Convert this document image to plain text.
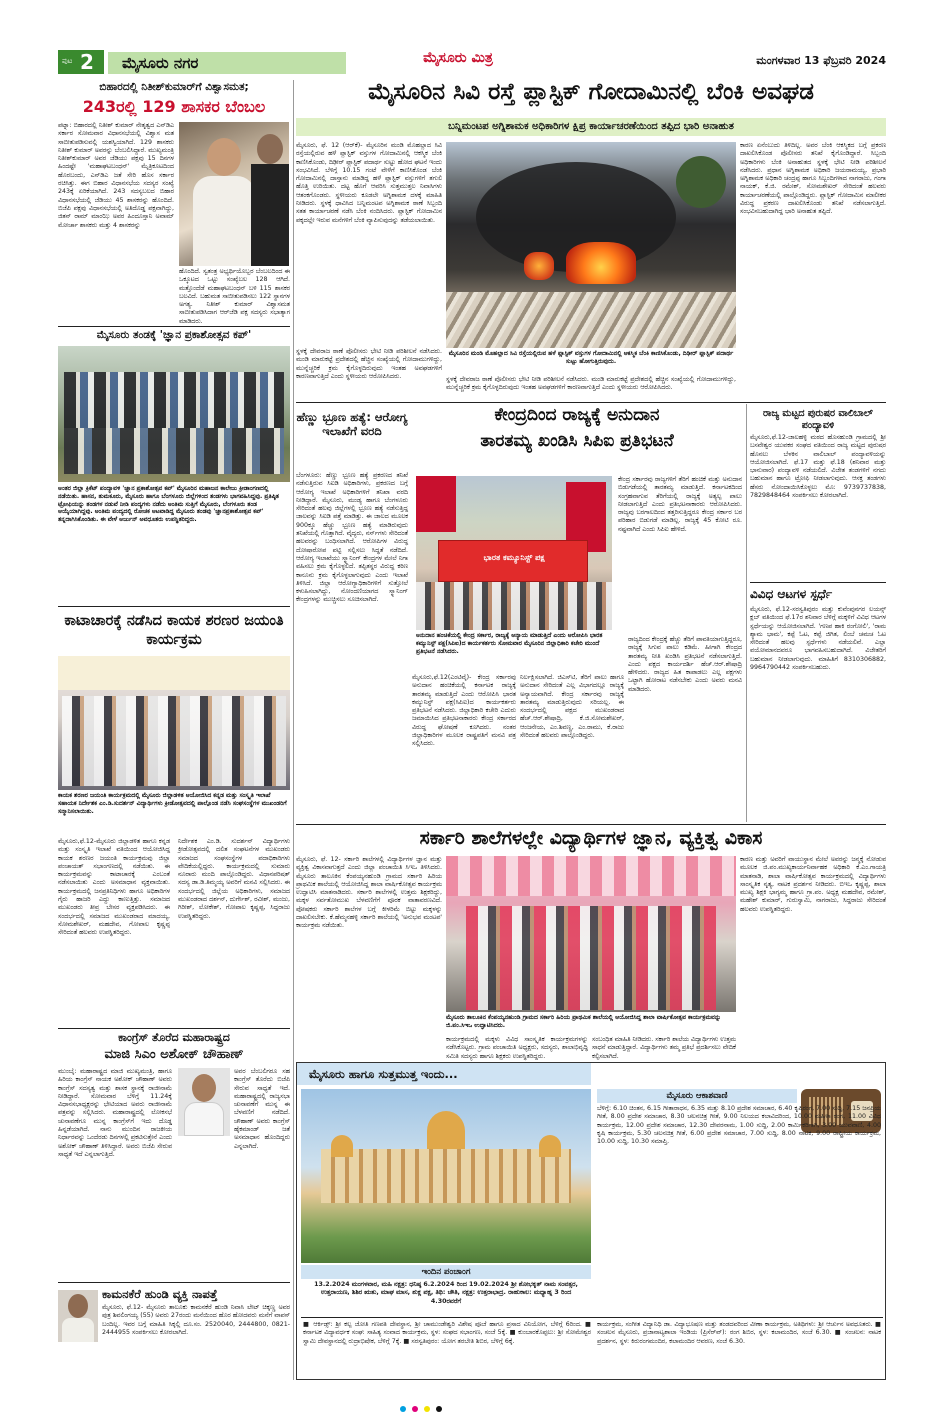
ಪುಟ 2 ಮೈಸೂರು ನಗರ	ಮೈಸೂರು ಮಿತ್ರ	ಮಂಗಳವಾರ 13 ಫೆಬ್ರವರಿ 2024
ಬಿಹಾರದಲ್ಲಿ ನಿತೀಶ್‌ಕುಮಾರ್‌ಗೆ ವಿಶ್ವಾಸಮತ;
243ರಲ್ಲಿ 129 ಶಾಸಕರ ಬೆಂಬಲ
ಪಟ್ನಾ: ಬಿಹಾರದಲ್ಲಿ ನಿತೀಶ್ ಕುಮಾರ್ ನೇತೃತ್ವದ ಎನ್‌ಡಿಎ ಸರ್ಕಾರ ಸೋಮವಾರ ವಿಧಾನಸಭೆಯಲ್ಲಿ ವಿಶ್ವಾಸ ಮತ ಸಾಬೀತುಪಡಿಸುವಲ್ಲಿ ಯಶಸ್ವಿಯಾಗಿದೆ. 129 ಶಾಸಕರು ನಿತೀಶ್ ಕುಮಾರ್ ಅವರನ್ನು ಬೆಂಬಲಿಸಿದ್ದಾರೆ. ಮುಖ್ಯಮಂತ್ರಿ ನಿತೀಶ್‌ಕುಮಾರ್ ಅವರ ಜೆಡಿಯು ಪಕ್ಷವು 15 ದಿನಗಳ ಹಿಂದಷ್ಟೇ 'ಮಹಾಘಟಬಂಧನ್' ಮೈತ್ರಿಕೂಟದಿಂದ ಹೊರಬಂದು, ಎನ್‌ಡಿಎ ಜತೆ ಸೇರಿ ಹೊಸ ಸರ್ಕಾರ ರಚಿಸಿತ್ತು. ಈಗ ಬಿಹಾರ ವಿಧಾನಸಭೆಯ ಸದಸ್ಯರ ಸಂಖ್ಯೆ 243ಕ್ಕೆ ಏರಿಕೆಯಾಗಿದೆ. 243 ಸದಸ್ಯಬಲದ ಬಿಹಾರ ವಿಧಾನಸಭೆಯಲ್ಲಿ ಜೆಡಿಯು 45 ಶಾಸಕರನ್ನು ಹೊಂದಿದೆ. ಬಿಜೆಪಿ ಪಕ್ಷವು ವಿಧಾನಸಭೆಯಲ್ಲಿ ಅತಿದೊಡ್ಡ ಪಕ್ಷವಾಗಿದ್ದು, ಜಿತನ್ ರಾಮ್ ಮಾಂಝಿ ಅವರ ಹಿಂದೂಸ್ತಾನಿ ಅವಾಮ್ ಮೋರ್ಚಾ ಶಾಸಕರು ಮತ್ತು 4 ಶಾಸಕರನ್ನು
ಹೊಂದಿದೆ. ಸ್ವತಂತ್ರ ಅಭ್ಯರ್ಥಿಯೊಬ್ಬರ ಬೆಂಬಲದಿಂದ ಈ ಒಕ್ಕೂಟದ ಒಟ್ಟು ಸಂಖ್ಯೆಬಲ 128 ಆಗಿದೆ. ಮತ್ತೊಂದೆಡೆ ಮಹಾಘಟಬಂಧನ್ ಬಳಿ 115 ಶಾಸಕರ ಬಲವಿದೆ. ಬಹುಮತ ಸಾಬೀತುಪಡಿಸಲು 122 ಸ್ಥಾನಗಳ ಅಗತ್ಯ. ನಿತೀಶ್ ಕುಮಾರ್ ವಿಶ್ವಾಸಮತ ಸಾಬೀತುಪಡಿಸಿದಾಗ ಆರ್‌ಜೆಡಿ ಪಕ್ಷ ಸದಸ್ಯರು ಸಭಾತ್ಯಾಗ ಮಾಡಿದರು.
ಮೈಸೂರು ತಂಡಕ್ಕೆ 'ಜ್ಞಾನ ಪ್ರಕಾಶೋತ್ಸವ ಕಪ್'
ಅಂತರ ಜಿಲ್ಲಾ ಕ್ರಿಕೆಟ್ ಪಂದ್ಯಾವಳಿ 'ಜ್ಞಾನ ಪ್ರಕಾಶೋತ್ಸವ ಕಪ್' ಮೈಸೂರಿನ ಮಹಾಜನ ಕಾಲೇಜು ಕ್ರೀಡಾಂಗಣದಲ್ಲಿ ನಡೆಯಿತು. ಹಾಸನ, ತುಮಕೂರು, ಮೈಸೂರು ಹಾಗೂ ಬೆಂಗಳೂರು ಜಿಲ್ಲೆಗಳಿಂದ ತಂಡಗಳು ಭಾಗವಹಿಸಿದ್ದವು. ಪ್ರತಿಷ್ಠಿತ ಟ್ರೋಫಿಯನ್ನು ತಂಡಗಳ ನಡುವೆ ನೀಡಿ ಪಂದ್ಯಗಳು ನಡೆದು ಅಂತಿಮ ಸುತ್ತಿಗೆ ಮೈಸೂರು, ಬೆಂಗಳೂರು ತಂಡ ಆಯ್ಕೆಯಾಗಿದ್ದವು. ಅಂತಿಮ ಪಂದ್ಯದಲ್ಲಿ ರೋಚಕ ಆಟವಾಡಿದ್ದ ಮೈಸೂರು ತಂಡವು 'ಜ್ಞಾನಪ್ರಕಾಶೋತ್ಸವ ಕಪ್' ತನ್ನದಾಗಿಸಿಕೊಂಡಿತು. ಈ ವೇಳೆ ಅರ್ಜುನ್ ಅವಧೂತರು ಉಪಸ್ಥಿತರಿದ್ದರು.
ಕಾಟಾಚಾರಕ್ಕೆ ನಡೆಸಿದ ಕಾಯಕ ಶರಣರ ಜಯಂತಿ ಕಾರ್ಯಕ್ರಮ
ಕಾಯಕ ಶರಣರ ಜಯಂತಿ ಕಾರ್ಯಕ್ರಮದಲ್ಲಿ ಮೈಸೂರು ಜಿಲ್ಲಾಡಳಿತ ಆಯೋಜಿಸಿದ ಕನ್ನಡ ಮತ್ತು ಸಂಸ್ಕೃತಿ ಇಲಾಖೆ ಸಹಾಯಕ ನಿರ್ದೇಶಕ ಎಂ.ಡಿ.ಸುದರ್ಶನ್ ವಿದ್ಯಾರ್ಥಿಗಳು ಕ್ರೀಡೋತ್ಸವದಲ್ಲಿ ಪಾಲ್ಗೊಂಡ ನಡೆಸಿ ಸಂಘಸಂಸ್ಥೆಗಳ ಮುಖಂಡರಿಗೆ ಸನ್ಮಾನಿಸಲಾಯಿತು.
ಮೈಸೂರು,ಫೆ.12-ಮೈಸೂರು ಜಿಲ್ಲಾಡಳಿತ ಹಾಗೂ ಕನ್ನಡ ಮತ್ತು ಸಂಸ್ಕೃತಿ ಇಲಾಖೆ ವತಿಯಿಂದ ಆಯೋಜಿಸಿದ್ದ ಕಾಯಕ ಶರಣರ ಜಯಂತಿ ಕಾರ್ಯಕ್ರಮವು ಜಿಲ್ಲಾ ಪಂಚಾಯತ್ ಸಭಾಂಗಣದಲ್ಲಿ ನಡೆಯಿತು. ಈ ಕಾರ್ಯಕ್ರಮವನ್ನು ಕಾಟಾಚಾರಕ್ಕೆ ಎಂಬಂತೆ ನಡೆಸಲಾಯಿತು ಎಂದು ಅಸಮಾಧಾನ ವ್ಯಕ್ತವಾಯಿತು. ಕಾರ್ಯಕ್ರಮದಲ್ಲಿ ಜನಪ್ರತಿನಿಧಿಗಳು ಹಾಗೂ ಅಧಿಕಾರಿಗಳ ಗೈರು ಹಾಜರಿ ಎದ್ದು ಕಾಣುತ್ತಿತ್ತು. ಸಮಾಜದ ಮುಖಂಡರು ತೀವ್ರ ಬೇಸರ ವ್ಯಕ್ತಪಡಿಸಿದರು. ಈ ಸಂದರ್ಭದಲ್ಲಿ ಸಮಾಜದ ಮುಖಂಡರಾದ ಮಾದಯ್ಯ, ಸೋಮಶೇಖರ್, ಮಹದೇವ, ಗೋಪಾಲ ಕೃಷ್ಣಪ್ಪ ಸೇರಿದಂತೆ ಹಲವರು ಉಪಸ್ಥಿತರಿದ್ದರು.
ನಿರ್ದೇಶಕ ಎಂ.ಡಿ. ಸುದರ್ಶನ್ ವಿದ್ಯಾರ್ಥಿಗಳು ಕ್ರೀಡೋತ್ಸವದಲ್ಲಿ ದಲಿತ ಸಂಘಟನೆಗಳ ಮುಖಂಡರು ಸಮಾಜದ ಸಂಘಸಂಸ್ಥೆಗಳ ಪದಾಧಿಕಾರಿಗಳು ವೇದಿಕೆಯಲ್ಲಿದ್ದರು. ಕಾರ್ಯಕ್ರಮದಲ್ಲಿ ಸುಮಾರು ನೂರಾರು ಮಂದಿ ಪಾಲ್ಗೊಂಡಿದ್ದರು. ವಿಧಾನಪರಿಷತ್ ಸದಸ್ಯ ಡಾ.ಡಿ.ತಿಮ್ಮಯ್ಯ ಅವರಿಗೆ ಮನವಿ ಸಲ್ಲಿಸಿದರು. ಈ ಸಂದರ್ಭದಲ್ಲಿ ಜಿಲ್ಲೆಯ ಅಧಿಕಾರಿಗಳು, ಸಮಾಜದ ಮುಖಂಡರಾದ ದರ್ಶನ್, ದುರ್ಗೇಶ್, ರವೀಶ್, ಮಂಜು, ಗಿರೀಶ್, ಲೋಕೇಶ್, ಗೋಪಾಲ ಕೃಷ್ಣಪ್ಪ, ಸಿದ್ದರಾಜು ಉಪಸ್ಥಿತರಿದ್ದರು.
ಕಾಂಗ್ರೆಸ್ ತೊರೆದ ಮಹಾರಾಷ್ಟ್ರದ
ಮಾಜಿ ಸಿಎಂ ಅಶೋಕ್ ಚೌಹಾಣ್
ಮುಂಬೈ: ಮಹಾರಾಷ್ಟ್ರದ ಮಾಜಿ ಮುಖ್ಯಮಂತ್ರಿ, ಹಾಗೂ ಹಿರಿಯ ಕಾಂಗ್ರೆಸ್ ನಾಯಕ ಅಶೋಕ್ ಚೌಹಾಣ್ ಅವರು ಕಾಂಗ್ರೆಸ್ ಸದಸ್ಯತ್ವ ಮತ್ತು ಶಾಸಕ ಸ್ಥಾನಕ್ಕೆ ರಾಜೀನಾಮೆ ನೀಡಿದ್ದಾರೆ. ಸೋಮವಾರ ಬೆಳಿಗ್ಗೆ 11.24ಕ್ಕೆ ವಿಧಾನಸಭಾಧ್ಯಕ್ಷರನ್ನು ಭೇಟಿಯಾದ ಅವರು ರಾಜೀನಾಮೆ ಪತ್ರವನ್ನು ಸಲ್ಲಿಸಿದರು. ಮಹಾರಾಷ್ಟ್ರದಲ್ಲಿ ಲೋಕಸಭೆ ಚುನಾವಣೆಗೂ ಮುನ್ನ ಕಾಂಗ್ರೆಸ್‌ಗೆ ಇದು ದೊಡ್ಡ ಹಿನ್ನಡೆಯಾಗಿದೆ. ನಾನು ಮುಂದಿನ ರಾಜಕೀಯ ನಿರ್ಧಾರವನ್ನು ಒಂದೆರಡು ದಿನಗಳಲ್ಲಿ ಪ್ರಕಟಿಸುತ್ತೇನೆ ಎಂದು ಅಶೋಕ್ ಚೌಹಾಣ್ ತಿಳಿಸಿದ್ದಾರೆ. ಅವರು ಬಿಜೆಪಿ ಸೇರುವ ಸಾಧ್ಯತೆ ಇದೆ ಎನ್ನಲಾಗುತ್ತಿದೆ.
ಅವರ ಬೆಂಬಲಿಗರೂ ಸಹ ಕಾಂಗ್ರೆಸ್ ತೊರೆದು ಬಿಜೆಪಿ ಸೇರುವ ಸಾಧ್ಯತೆ ಇದೆ. ಮಹಾರಾಷ್ಟ್ರದಲ್ಲಿ ರಾಜ್ಯಸಭಾ ಚುನಾವಣೆಗೆ ಮುನ್ನ ಈ ಬೆಳವಣಿಗೆ ನಡೆದಿದೆ. ಚೌಹಾಣ್ ಅವರು ಕಾಂಗ್ರೆಸ್ ಹೈಕಮಾಂಡ್ ಜತೆ ಅಸಮಾಧಾನ ಹೊಂದಿದ್ದರು ಎನ್ನಲಾಗಿದೆ.
ಕಾಮನಕೆರೆ ಹುಂಡಿ ವ್ಯಕ್ತಿ ನಾಪತ್ತೆ
ಮೈಸೂರು, ಫೆ.12- ಮೈಸೂರು ತಾಲೂಕು ಕಾಮನಕೆರೆ ಹುಂಡಿ ನಿವಾಸಿ ಲೇಟ್ ಚಿಕ್ಕಣ್ಣ ಅವರ ಪುತ್ರ ಶಿವಲಿಂಗಯ್ಯ (55) ಅವರು 27ರಂದು ಮನೆಯಿಂದ ಹೊರ ಹೋದವರು ಮನೆಗೆ ವಾಪಸ್ ಬಂದಿಲ್ಲ. ಇವರ ಬಗ್ಗೆ ಮಾಹಿತಿ ಸಿಕ್ಕಲ್ಲಿ ದೂ.ಸಂ. 2520040, 2444800, 0821-2444955 ಸಂಪರ್ಕಿಸಲು ಕೋರಲಾಗಿದೆ.
ಮೈಸೂರಿನ ಸಿವಿ ರಸ್ತೆ ಪ್ಲಾಸ್ಟಿಕ್ ಗೋದಾಮಿನಲ್ಲಿ ಬೆಂಕಿ ಅವಘಡ
ಬನ್ನಿಮಂಟಪ ಅಗ್ನಿಶಾಮಕ ಅಧಿಕಾರಿಗಳ ಕ್ಷಿಪ್ರ ಕಾರ್ಯಾಚರಣೆಯಿಂದ ತಪ್ಪಿದ ಭಾರಿ ಅನಾಹುತ
ಮೈಸೂರು, ಫೆ. 12 (ಆರ್‌ಕೆ)- ಮೈಸೂರಿನ ಮಂಡಿ ಮೊಹಲ್ಲಾದ ಸಿವಿ ರಸ್ತೆಯಲ್ಲಿರುವ ಹಳೆ ಪ್ಲಾಸ್ಟಿಕ್ ವಸ್ತುಗಳ ಗೋದಾಮಿನಲ್ಲಿ ಆಕಸ್ಮಿಕ ಬೆಂಕಿ ಕಾಣಿಸಿಕೊಂಡು, ದಿಢೀರ್ ಪ್ಲಾಸ್ಟಿಕ್ ಪದಾರ್ಥ ಸುಟ್ಟು ಹೋದ ಘಟನೆ ಇಂದು ಸಂಭವಿಸಿದೆ. ಬೆಳಿಗ್ಗೆ 10.15 ಗಂಟೆ ವೇಳೆಗೆ ಕಾಣಿಸಿಕೊಂಡ ಬೆಂಕಿ ಗೋದಾಮಿನಲ್ಲಿ ದಾಸ್ತಾನು ಮಾಡಿದ್ದ ಹಳೆ ಪ್ಲಾಸ್ಟಿಕ್ ವಸ್ತುಗಳಿಗೆ ತಗುಲಿ ಹೊತ್ತಿ ಉರಿಯಿತು. ದಟ್ಟ ಹೊಗೆ ಆವರಿಸಿ ಸುತ್ತಮುತ್ತಲ ನಿವಾಸಿಗಳು ಆತಂಕಗೊಂಡರು. ಸ್ಥಳೀಯರು ಕೂಡಲೇ ಅಗ್ನಿಶಾಮಕ ದಳಕ್ಕೆ ಮಾಹಿತಿ ನೀಡಿದರು. ಸ್ಥಳಕ್ಕೆ ಧಾವಿಸಿದ ಬನ್ನಿಮಂಟಪ ಅಗ್ನಿಶಾಮಕ ಠಾಣೆ ಸಿಬ್ಬಂದಿ ಸತತ ಕಾರ್ಯಾಚರಣೆ ನಡೆಸಿ ಬೆಂಕಿ ನಂದಿಸಿದರು. ಪ್ಲಾಸ್ಟಿಕ್ ಗೋದಾಮಿನ ಪಕ್ಕದಲ್ಲೇ ಇರುವ ಮನೆಗಳಿಗೆ ಬೆಂಕಿ ವ್ಯಾಪಿಸುವುದನ್ನು ತಡೆಯಲಾಯಿತು.
ಕಾರಣ ಏನೆಂಬುದು ತಿಳಿದಿಲ್ಲ. ಅವರ ಬೆಂಕಿ ಆಕಸ್ಮಿಕದ ಬಗ್ಗೆ ಪ್ರಕರಣ ದಾಖಲಿಸಿಕೊಂಡ ಪೊಲೀಸರು ತನಿಖೆ ಕೈಗೊಂಡಿದ್ದಾರೆ. ಸಿಬ್ಬಂದಿ ಅಧಿಕಾರಿಗಳು ಬೆಂಕಿ ಅನಾಹುತದ ಸ್ಥಳಕ್ಕೆ ಭೇಟಿ ನೀಡಿ ಪರಿಶೀಲನೆ ನಡೆಸಿದರು. ಪ್ರಧಾನ ಅಗ್ನಿಶಾಮಕ ಅಧಿಕಾರಿ ಜಯರಾಮಯ್ಯ, ಪ್ರಭಾರಿ ಅಗ್ನಿಶಾಮಕ ಅಧಿಕಾರಿ ಚಂದ್ರಪ್ಪ ಹಾಗೂ ಸಿಬ್ಬಂದಿಗಳಾದ ನಾಗರಾಜು, ಗಂಗಾ ನಾಯಕ್, ಕೆ.ಜಿ. ರಮೇಶ್, ಸೋಮಶೇಖರ್ ಸೇರಿದಂತೆ ಹಲವರು ಕಾರ್ಯಾಚರಣೆಯಲ್ಲಿ ಪಾಲ್ಗೊಂಡಿದ್ದರು. ಪ್ಲಾಸ್ಟಿಕ್ ಗೋದಾಮಿನ ಮಾಲೀಕರ ವಿರುದ್ಧ ಪ್ರಕರಣ ದಾಖಲಿಸಿಕೊಂಡು ತನಿಖೆ ನಡೆಸಲಾಗುತ್ತಿದೆ. ಸಂಭವಿಸಬಹುದಾಗಿದ್ದ ಭಾರಿ ಅನಾಹುತ ತಪ್ಪಿದೆ.
ಮೈಸೂರಿನ ಮಂಡಿ ಮೊಹಲ್ಲಾದ ಸಿವಿ ರಸ್ತೆಯಲ್ಲಿರುವ ಹಳೆ ಪ್ಲಾಸ್ಟಿಕ್ ವಸ್ತುಗಳ ಗೋದಾಮಿನಲ್ಲಿ ಆಕಸ್ಮಿಕ ಬೆಂಕಿ ಕಾಣಿಸಿಕೊಂಡು, ದಿಢೀರ್ ಪ್ಲಾಸ್ಟಿಕ್ ಪದಾರ್ಥ ಸುಟ್ಟು ಹೋಗುತ್ತಿರುವುದು.
ಸ್ಥಳಕ್ಕೆ ದೇವರಾಜ ಠಾಣೆ ಪೊಲೀಸರು ಭೇಟಿ ನೀಡಿ ಪರಿಶೀಲನೆ ನಡೆಸಿದರು. ಮಂಡಿ ಮಾರುಕಟ್ಟೆ ಪ್ರದೇಶದಲ್ಲಿ ಹೆಚ್ಚಿನ ಸಂಖ್ಯೆಯಲ್ಲಿ ಗೋದಾಮುಗಳಿದ್ದು, ಮುನ್ನೆಚ್ಚರಿಕೆ ಕ್ರಮ ಕೈಗೊಳ್ಳದಿರುವುದು ಇಂತಹ ಅವಘಡಗಳಿಗೆ ಕಾರಣವಾಗುತ್ತಿದೆ ಎಂದು ಸ್ಥಳೀಯರು ಆರೋಪಿಸಿದರು.	ಸ್ಥಳಕ್ಕೆ ದೇವರಾಜ ಠಾಣೆ ಪೊಲೀಸರು ಭೇಟಿ ನೀಡಿ ಪರಿಶೀಲನೆ ನಡೆಸಿದರು. ಮಂಡಿ ಮಾರುಕಟ್ಟೆ ಪ್ರದೇಶದಲ್ಲಿ ಹೆಚ್ಚಿನ ಸಂಖ್ಯೆಯಲ್ಲಿ ಗೋದಾಮುಗಳಿದ್ದು, ಮುನ್ನೆಚ್ಚರಿಕೆ ಕ್ರಮ ಕೈಗೊಳ್ಳದಿರುವುದು ಇಂತಹ ಅವಘಡಗಳಿಗೆ ಕಾರಣವಾಗುತ್ತಿದೆ ಎಂದು ಸ್ಥಳೀಯರು ಆರೋಪಿಸಿದರು.
ಹೆಣ್ಣು ಭ್ರೂಣ ಹತ್ಯೆ: ಆರೋಗ್ಯ ಇಲಾಖೆಗೆ ವರದಿ
ಬೆಂಗಳೂರು: ಹೆಣ್ಣು ಭ್ರೂಣ ಹತ್ಯೆ ಪ್ರಕರಣದ ತನಿಖೆ ನಡೆಸುತ್ತಿರುವ ಸಿಐಡಿ ಅಧಿಕಾರಿಗಳು, ಪ್ರಕರಣದ ಬಗ್ಗೆ ಆರೋಗ್ಯ ಇಲಾಖೆ ಅಧಿಕಾರಿಗಳಿಗೆ ತನಿಖಾ ವರದಿ ನೀಡಿದ್ದಾರೆ. ಮೈಸೂರು, ಮಂಡ್ಯ ಹಾಗೂ ಬೆಂಗಳೂರು ಸೇರಿದಂತೆ ಹಲವು ಜಿಲ್ಲೆಗಳಲ್ಲಿ ಭ್ರೂಣ ಹತ್ಯೆ ನಡೆಸುತ್ತಿದ್ದ ಜಾಲವನ್ನು ಸಿಐಡಿ ಪತ್ತೆ ಮಾಡಿತ್ತು. ಈ ಜಾಲದ ಮೂಲಕ 900ಕ್ಕೂ ಹೆಚ್ಚು ಭ್ರೂಣ ಹತ್ಯೆ ಮಾಡಿರುವುದು ತನಿಖೆಯಲ್ಲಿ ಗೊತ್ತಾಗಿದೆ. ವೈದ್ಯರು, ನರ್ಸ್‌ಗಳು ಸೇರಿದಂತೆ ಹಲವರನ್ನು ಬಂಧಿಸಲಾಗಿದೆ. ಆರೋಪಿಗಳ ವಿರುದ್ಧ ದೋಷಾರೋಪ ಪಟ್ಟಿ ಸಲ್ಲಿಸಲು ಸಿದ್ಧತೆ ನಡೆದಿದೆ. ಆರೋಗ್ಯ ಇಲಾಖೆಯು ಸ್ಕ್ಯಾನಿಂಗ್ ಕೇಂದ್ರಗಳ ಮೇಲೆ ನಿಗಾ ವಹಿಸಲು ಕ್ರಮ ಕೈಗೊಳ್ಳಲಿದೆ. ತಪ್ಪಿತಸ್ಥರ ವಿರುದ್ಧ ಕಠಿಣ ಕಾನೂನು ಕ್ರಮ ಕೈಗೊಳ್ಳಲಾಗುವುದು ಎಂದು ಇಲಾಖೆ ತಿಳಿಸಿದೆ. ಜಿಲ್ಲಾ ಆರೋಗ್ಯಾಧಿಕಾರಿಗಳಿಗೆ ಸುತ್ತೋಲೆ ಕಳುಹಿಸಲಾಗಿದ್ದು, ನೋಂದಣಿಯಾಗದ ಸ್ಕ್ಯಾನಿಂಗ್ ಕೇಂದ್ರಗಳನ್ನು ಮುಚ್ಚಿಸಲು ಸೂಚಿಸಲಾಗಿದೆ.
ಕೇಂದ್ರದಿಂದ ರಾಜ್ಯಕ್ಕೆ ಅನುದಾನ
ತಾರತಮ್ಯ ಖಂಡಿಸಿ ಸಿಪಿಐ ಪ್ರತಿಭಟನೆ
ಭಾರತ ಕಮ್ಯೂನಿಸ್ಟ್ ಪಕ್ಷ
ಕೇಂದ್ರ ಸರ್ಕಾರವು ರಾಜ್ಯಗಳಿಗೆ ತೆರಿಗೆ ಹಂಚಿಕೆ ಮತ್ತು ಅನುದಾನ ಬಿಡುಗಡೆಯಲ್ಲಿ ತಾರತಮ್ಯ ಮಾಡುತ್ತಿದೆ. ಕರ್ನಾಟಕದಿಂದ ಸಂಗ್ರಹವಾಗುವ ತೆರಿಗೆಯಲ್ಲಿ ರಾಜ್ಯಕ್ಕೆ ಅತ್ಯಲ್ಪ ಪಾಲು ನೀಡಲಾಗುತ್ತಿದೆ ಎಂದು ಪ್ರತಿಭಟನಾಕಾರರು ಆರೋಪಿಸಿದರು. ರಾಜ್ಯವು ಬರಗಾಲದಿಂದ ತತ್ತರಿಸುತ್ತಿದ್ದರೂ ಕೇಂದ್ರ ಸರ್ಕಾರ ಬರ ಪರಿಹಾರ ಬಿಡುಗಡೆ ಮಾಡಿಲ್ಲ. ರಾಜ್ಯಕ್ಕೆ 45 ಕೋಟಿ ರೂ. ನಷ್ಟವಾಗಿದೆ ಎಂದು ಸಿಪಿಐ ಹೇಳಿದೆ.
ಅನುದಾನ ಹಂಚಿಕೆಯಲ್ಲಿ ಕೇಂದ್ರ ಸರ್ಕಾರ, ರಾಜ್ಯಕ್ಕೆ ಅನ್ಯಾಯ ಮಾಡುತ್ತಿದೆ ಎಂದು ಆರೋಪಿಸಿ ಭಾರತ ಕಮ್ಯುನಿಸ್ಟ್ ಪಕ್ಷ(ಸಿಪಿಐ)ದ ಕಾರ್ಯಕರ್ತರು ಸೋಮವಾರ ಮೈಸೂರಿನ ಜಿಲ್ಲಾಧಿಕಾರಿ ಕಚೇರಿ ಮುಂದೆ ಪ್ರತಿಭಟನೆ ನಡೆಸಿದರು.
ಮೈಸೂರು,ಫೆ.12(ಎಂಟಿವೈ)- ಕೇಂದ್ರ ಸರ್ಕಾರವು ಅನುದಾನ ಹಂಚಿಕೆಯಲ್ಲಿ ಕರ್ನಾಟಕ ರಾಜ್ಯಕ್ಕೆ ತಾರತಮ್ಯ ಮಾಡುತ್ತಿದೆ ಎಂದು ಆರೋಪಿಸಿ ಭಾರತ ಕಮ್ಯುನಿಸ್ಟ್ ಪಕ್ಷ(ಸಿಪಿಐ)ದ ಕಾರ್ಯಕರ್ತರು ಪ್ರತಿಭಟನೆ ನಡೆಸಿದರು. ಜಿಲ್ಲಾಧಿಕಾರಿ ಕಚೇರಿ ಎದುರು ಜಮಾಯಿಸಿದ ಪ್ರತಿಭಟನಾಕಾರರು ಕೇಂದ್ರ ಸರ್ಕಾರದ ವಿರುದ್ಧ ಘೋಷಣೆ ಕೂಗಿದರು. ನಂತರ ಜಿಲ್ಲಾಧಿಕಾರಿಗಳ ಮೂಲಕ ರಾಷ್ಟ್ರಪತಿಗೆ ಮನವಿ ಪತ್ರ ಸಲ್ಲಿಸಿದರು.
ನಿರ್ಲಕ್ಷಿಸಲಾಗಿದೆ. ಜಿಎಸ್‌ಟಿ, ತೆರಿಗೆ ಪಾಲು ಹಾಗೂ ಅನುದಾನ ಸೇರಿದಂತೆ ಎಲ್ಲ ವಿಭಾಗದಲ್ಲೂ ರಾಜ್ಯಕ್ಕೆ ಅನ್ಯಾಯವಾಗಿದೆ. ಕೇಂದ್ರ ಸರ್ಕಾರವು ರಾಜ್ಯಕ್ಕೆ ತಾರತಮ್ಯ ಮಾಡುತ್ತಿರುವುದು ಸರಿಯಲ್ಲ. ಈ ಸಂದರ್ಭದಲ್ಲಿ ಪಕ್ಷದ ಮುಖಂಡರಾದ ಹೆಚ್.ಆರ್.ಶೇಷಾದ್ರಿ, ಕೆ.ಜಿ.ಸೋಮಶೇಖರ್, ಆಂಜನೇಯ, ಎಂ.ಶಿವಣ್ಣ, ಎಂ.ರಾಮು, ಕೆ.ರಾಜು ಸೇರಿದಂತೆ ಹಲವರು ಪಾಲ್ಗೊಂಡಿದ್ದರು.
ರಾಜ್ಯದಿಂದ ಕೇಂದ್ರಕ್ಕೆ ಹೆಚ್ಚು ತೆರಿಗೆ ಪಾವತಿಯಾಗುತ್ತಿದ್ದರೂ, ರಾಜ್ಯಕ್ಕೆ ಸಿಗುವ ಪಾಲು ಕಡಿಮೆ. ಹೀಗಾಗಿ ಕೇಂದ್ರದ ತಾರತಮ್ಯ ನೀತಿ ಖಂಡಿಸಿ ಪ್ರತಿಭಟನೆ ನಡೆಸಲಾಗುತ್ತಿದೆ. ಎಂದು ಪಕ್ಷದ ಕಾರ್ಯದರ್ಶಿ ಹೆಚ್.ಆರ್.ಶೇಷಾದ್ರಿ ಹೇಳಿದರು. ರಾಜ್ಯದ ಹಿತ ಕಾಪಾಡಲು ಎಲ್ಲ ಪಕ್ಷಗಳು ಒಟ್ಟಾಗಿ ಹೋರಾಟ ನಡೆಸಬೇಕು ಎಂದು ಅವರು ಮನವಿ ಮಾಡಿದರು.
ರಾಜ್ಯ ಮಟ್ಟದ ಪುರುಷರ ವಾಲಿಬಾಲ್ ಪಂದ್ಯಾವಳಿ
ಮೈಸೂರು,ಫೆ.12-ಜಾಲಹಳ್ಳಿ ಮಠದ ಹೊಸಹುಂಡಿ ಗ್ರಾಮದಲ್ಲಿ ಶ್ರೀ ಬಸವೇಶ್ವರ ಯುವಕರ ಸಂಘದ ವತಿಯಿಂದ ರಾಜ್ಯ ಮಟ್ಟದ ಪುರುಷರ ಹೊನಲು ಬೆಳಕಿನ ವಾಲಿಬಾಲ್ ಪಂದ್ಯಾವಳಿಯನ್ನು ಆಯೋಜಿಸಲಾಗಿದೆ. ಫೆ.17 ಮತ್ತು ಫೆ.18 (ಶನಿವಾರ ಮತ್ತು ಭಾನುವಾರ) ಪಂದ್ಯಾವಳಿ ನಡೆಯಲಿದೆ. ವಿಜೇತ ತಂಡಗಳಿಗೆ ನಗದು ಬಹುಮಾನ ಹಾಗೂ ಟ್ರೋಫಿ ನೀಡಲಾಗುವುದು. ಆಸಕ್ತ ತಂಡಗಳು ಹೆಸರು ನೋಂದಾಯಿಸಿಕೊಳ್ಳಲು ಮೊ: 9739737838, 7829848464 ಸಂಪರ್ಕಿಸಲು ಕೋರಲಾಗಿದೆ.
ವಿವಿಧ ಆಟಗಳ ಸ್ಪರ್ಧೆ
ಮೈಸೂರು, ಫೆ.12-ಸರಸ್ವತಿಪುರಂ ಮತ್ತು ಕುವೆಂಪುನಗರ ಲಯನ್ಸ್ ಕ್ಲಬ್ ವತಿಯಿಂದ ಫೆ.17ರ ಶನಿವಾರ ಬೆಳಿಗ್ಗೆ ಮಕ್ಕಳಿಗೆ ವಿವಿಧ ಆಟಗಳ ಸ್ಪರ್ಧೆಯನ್ನು ಆಯೋಜಿಸಲಾಗಿದೆ. 'ಗಣಪ ಹಾಕಿ ರಂಗೋಲಿ', 'ರಾಮ ಶ್ಯಾಮ ಭಾಮ', ಕಪ್ಪೆ ಓಟ, ಕಪ್ಪೆ ಜಿಗಿತ, ಲಿಂಬೆ ಚಮಚ ಓಟ ಸೇರಿದಂತೆ ಹಲವು ಸ್ಪರ್ಧೆಗಳು ನಡೆಯಲಿವೆ. ಎಲ್ಲಾ ವಯೋಮಾನದವರೂ ಭಾಗವಹಿಸಬಹುದಾಗಿದೆ. ವಿಜೇತರಿಗೆ ಬಹುಮಾನ ನೀಡಲಾಗುವುದು. ಮಾಹಿತಿಗೆ 8310306882, 9964790442 ಸಂಪರ್ಕಿಸಬಹುದು.
ಸರ್ಕಾರಿ ಶಾಲೆಗಳಲ್ಲೇ ವಿದ್ಯಾರ್ಥಿಗಳ ಜ್ಞಾನ, ವ್ಯಕ್ತಿತ್ವ ವಿಕಾಸ
ಮೈಸೂರು, ಫೆ. 12- ಸರ್ಕಾರಿ ಶಾಲೆಗಳಲ್ಲಿ ವಿದ್ಯಾರ್ಥಿಗಳ ಜ್ಞಾನ ಮತ್ತು ವ್ಯಕ್ತಿತ್ವ ವಿಕಾಸವಾಗುತ್ತದೆ ಎಂದು ಜಿಲ್ಲಾ ಪಂಚಾಯಿತಿ ಸಿಇಒ ತಿಳಿಸಿದರು. ಮೈಸೂರು ತಾಲೂಕಿನ ಕೆಂಪಯ್ಯನಹುಂಡಿ ಗ್ರಾಮದ ಸರ್ಕಾರಿ ಹಿರಿಯ ಪ್ರಾಥಮಿಕ ಶಾಲೆಯಲ್ಲಿ ಆಯೋಜಿಸಿದ್ದ ಶಾಲಾ ವಾರ್ಷಿಕೋತ್ಸವ ಕಾರ್ಯಕ್ರಮ ಉದ್ಘಾಟಿಸಿ ಮಾತನಾಡಿದರು. ಸರ್ಕಾರಿ ಶಾಲೆಗಳಲ್ಲಿ ಉತ್ತಮ ಶಿಕ್ಷಕರಿದ್ದು, ಮಕ್ಕಳ ಸರ್ವತೋಮುಖ ಬೆಳವಣಿಗೆಗೆ ಪೂರಕ ವಾತಾವರಣವಿದೆ. ಪೋಷಕರು ಸರ್ಕಾರಿ ಶಾಲೆಗಳ ಬಗ್ಗೆ ಕೀಳರಿಮೆ ಬಿಟ್ಟು ಮಕ್ಕಳನ್ನು ದಾಖಲಿಸಬೇಕು. ಕೆ.ಹೆಮ್ಮನಹಳ್ಳಿ ಸರ್ಕಾರಿ ಶಾಲೆಯಲ್ಲಿ 'ಅನುಭವ ಮಂಟಪ' ಕಾರ್ಯಕ್ರಮ ನಡೆಯಿತು.
ಮೈಸೂರು ತಾಲೂಕಿನ ಕೆಂಪಯ್ಯನಹುಂಡಿ ಗ್ರಾಮದ ಸರ್ಕಾರಿ ಹಿರಿಯ ಪ್ರಾಥಮಿಕ ಶಾಲೆಯಲ್ಲಿ ಆಯೋಜಿಸಿದ್ದ ಶಾಲಾ ವಾರ್ಷಿಕೋತ್ಸವ ಕಾರ್ಯಕ್ರಮವನ್ನು ಜಿ.ಪಂ.ಸಿಇಒ ಉದ್ಘಾಟಿಸಿದರು.
ಕಾರ್ಯಕ್ರಮದಲ್ಲಿ ಮಕ್ಕಳು ವಿವಿಧ ಸಾಂಸ್ಕೃತಿಕ ಕಾರ್ಯಕ್ರಮಗಳನ್ನು ನಡೆಸಿಕೊಟ್ಟರು. ಗ್ರಾಮ ಪಂಚಾಯಿತಿ ಅಧ್ಯಕ್ಷರು, ಸದಸ್ಯರು, ಶಾಲಾಭಿವೃದ್ಧಿ ಸಮಿತಿ ಸದಸ್ಯರು ಹಾಗೂ ಶಿಕ್ಷಕರು ಉಪಸ್ಥಿತರಿದ್ದರು.
ಸಂಬಂಧಿತ ಮಾಹಿತಿ ನೀಡಿದರು. ಸರ್ಕಾರಿ ಶಾಲೆಯ ವಿದ್ಯಾರ್ಥಿಗಳು ಉತ್ತಮ ಸಾಧನೆ ಮಾಡುತ್ತಿದ್ದಾರೆ. ವಿದ್ಯಾರ್ಥಿಗಳು ತಮ್ಮ ಪ್ರತಿಭೆ ಪ್ರದರ್ಶಿಸಲು ವೇದಿಕೆ ಕಲ್ಪಿಸಲಾಗಿದೆ.
ಕಾರಣ ಮತ್ತು ಅವರಿಗೆ ವಾಯುಸ್ಥಾನ ಮೇಲೆ ಅವರನ್ನು ಜನ್ಮಕ್ಕೆ ನೋಡುವ ಮೂಲಕ ಜಿ.ಪಂ.ಮುಖ್ಯಕಾರ್ಯನಿರ್ವಾಹಕ ಅಧಿಕಾರಿ ಕೆ.ಎಂ.ಗಾಯತ್ರಿ ಮಾತನಾಡಿ, ಶಾಲಾ ವಾರ್ಷಿಕೋತ್ಸವ ಕಾರ್ಯಕ್ರಮದಲ್ಲಿ ವಿದ್ಯಾರ್ಥಿಗಳು ಸಾಂಸ್ಕೃತಿಕ ನೃತ್ಯ, ನಾಟಕ ಪ್ರದರ್ಶನ ನೀಡಿದರು. ಬಿಇಒ ಕೃಷ್ಣಪ್ಪ, ಶಾಲಾ ಮುಖ್ಯ ಶಿಕ್ಷಕಿ ಭಾಗ್ಯಮ್ಮ ಹಾಗೂ ಗ್ರಾ.ಪಂ. ಅಧ್ಯಕ್ಷ ಮಹದೇವ, ರಮೇಶ್, ಮಹೇಶ್ ಕುಮಾರ್, ಗುರುಸ್ವಾಮಿ, ನಾಗರಾಜು, ಸಿದ್ದರಾಜು ಸೇರಿದಂತೆ ಹಲವರು ಉಪಸ್ಥಿತರಿದ್ದರು.
ಮೈಸೂರು ಹಾಗೂ ಸುತ್ತಮುತ್ತ ಇಂದು...
ಇಂದಿನ ಪಂಚಾಂಗ
13.2.2024 ಮಂಗಳವಾರ, ಮಹಿ ನಕ್ಷತ್ರ: ಧನಿಷ್ಠ 6.2.2024 ರಿಂದ 19.02.2024 ಶ್ರೀ ಶೋಭಕೃತ್ ನಾಮ ಸಂವತ್ಸರ, ಉತ್ತರಾಯಣ, ಶಿಶಿರ ಋತು, ಮಾಘ ಮಾಸ, ಶುಕ್ಲ ಪಕ್ಷ, ತಿಥಿ: ಚೌತಿ, ನಕ್ಷತ್ರ: ಉತ್ತರಾಭಾದ್ರ. ರಾಹುಕಾಲ: ಮಧ್ಯಾಹ್ನ 3 ರಿಂದ 4.30ರವರೆಗೆ
ಮೈಸೂರು ಆಕಾಶವಾಣಿ
ಬೆಳಿಗ್ಗೆ: 6.10 ಚಿಂತನ, 6.15 ಗೀತಾರಾಧನ, 6.35 ಮತ್ತು 8.10 ಪ್ರದೇಶ ಸಮಾಚಾರ, 6.40 ಕೃಷಿರಂಗ, 7.00 ಸುದ್ದಿ, 7.15 ಜನಪ್ರಿಯ ಗೀತೆ, 8.00 ಪ್ರದೇಶ ಸಮಾಚಾರ, 8.30 ಚಲನಚಿತ್ರ ಗೀತೆ, 9.00 ನಿಲಯದ ಕಲಾವಿದರಿಂದ, 10.00 ಮಹಿಳಾ ರಂಗ, 11.00 ವಿವಿಧ ಕಾರ್ಯಕ್ರಮ, 12.00 ಪ್ರದೇಶ ಸಮಾಚಾರ, 12.30 ದೇವರನಾಮ, 1.00 ಸುದ್ದಿ, 2.00 ಕಾರ್ಮಿಕರಿಗಾಗಿ, 3.00 ಯುವವಾಣಿ, 4.00 ಕೃಷಿ ಕಾರ್ಯಕ್ರಮ, 5.30 ಚಲನಚಿತ್ರ ಗೀತೆ, 6.00 ಪ್ರದೇಶ ಸಮಾಚಾರ, 7.00 ಸುದ್ದಿ, 8.00 ನಾಟಕ, 9.00 ರಾಷ್ಟ್ರೀಯ ಕಾರ್ಯಕ್ರಮ, 10.00 ಸುದ್ದಿ, 10.30 ಸಮಾಪ್ತಿ.
■ ಆರ್ಕಿಡ್ಸ್: ಶ್ರೀ ಕಲ್ಪ ಜೋತಿ ಗಣಪತಿ ದೇವಸ್ಥಾನ, ಶ್ರೀ ಚಾಮುಂಡೇಶ್ವರಿ ವಿಶೇಷ ಪೂಜೆ ಹಾಗೂ ಪ್ರಸಾದ ವಿನಿಯೋಗ, ಬೆಳಿಗ್ಗೆ 6ರಿಂದ. ■ ಕರ್ನಾಟಕ ವಿದ್ಯಾವರ್ಧಕ ಸಂಘ: ಸಾಹಿತ್ಯ ಸಂವಾದ ಕಾರ್ಯಕ್ರಮ, ಸ್ಥಳ: ಸಂಘದ ಸಭಾಂಗಣ, ಸಂಜೆ 5ಕ್ಕೆ. ■ ಕುಂಬಾರಕೊಪ್ಪಲು: ಶ್ರೀ ಸೋಮೇಶ್ವರ ಸ್ವಾಮಿ ದೇವಸ್ಥಾನದಲ್ಲಿ ರುದ್ರಾಭಿಷೇಕ, ಬೆಳಿಗ್ಗೆ 7ಕ್ಕೆ. ■ ಸರಸ್ವತಿಪುರಂ: ಯೋಗ ತರಬೇತಿ ಶಿಬಿರ, ಬೆಳಿಗ್ಗೆ 6ಕ್ಕೆ.
ಕಾರ್ಯಕ್ರಮ, ಸಂಗೀತ ವಿದ್ಯಾನಿಧಿ ಡಾ. ವಿದ್ಯಾಭೂಷಣ ಮತ್ತು ತಂಡದವರಿಂದ ವೀಣಾ ಕಾರ್ಯಕ್ರಮ, ಅತಿಥಿಗಳು: ಶ್ರೀ ಆರ್ಚುನ ಅವಧೂತರು. ■ ಸಂಚಲನ ಮೈಸೂರು, ಪ್ರಜಾನಾಟ್ಯಶಾಲಾ ಇಂಡಿಯ (ಪ್ರಿಸೆರ್‌ವ್): ರಂಗ ಶಿಬಿರ, ಸ್ಥಳ: ಕಲಾಮಂದಿರ, ಸಂಜೆ 6.30. ■ ಸಂಚಲನ: ನಾಟಕ ಪ್ರದರ್ಶನ, ಸ್ಥಳ: ಕಿರುರಂಗಮಂದಿರ, ಕಲಾಮಂದಿರ ಆವರಣ, ಸಂಜೆ 6.30.
